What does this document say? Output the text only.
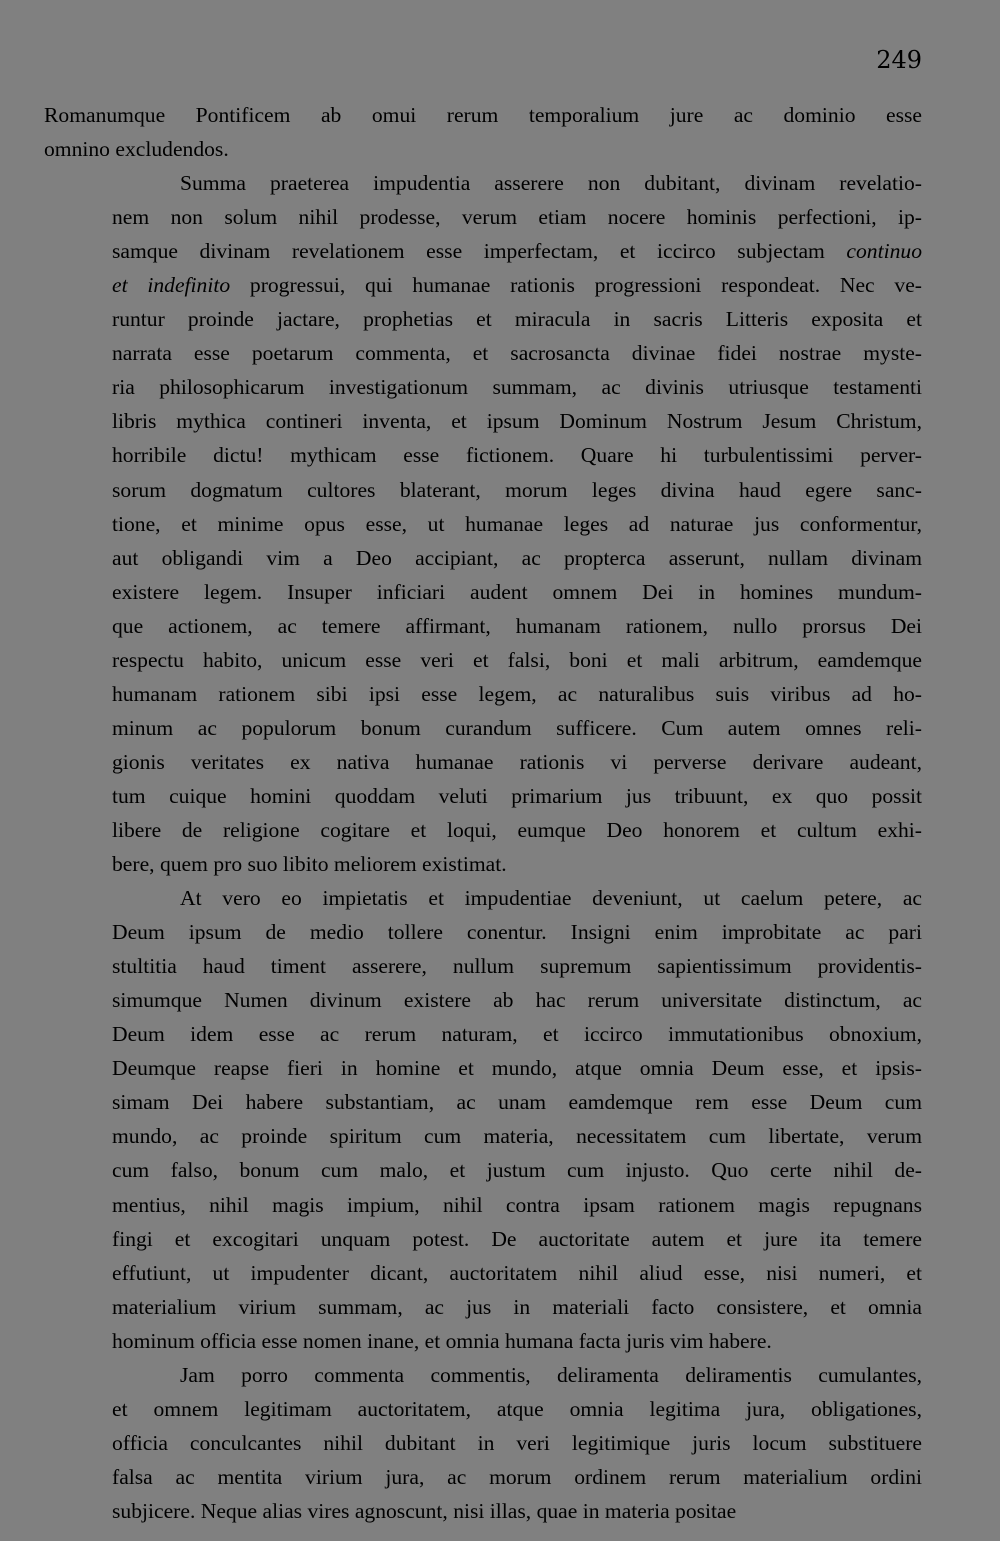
249
Romanumque Pontificem ab omui rerum temporalium jure ac dominio esse
omnino excludendos.
Summa praeterea impudentia asserere non dubitant, divinam revelatio-
nem non solum nihil prodesse, verum etiam nocere hominis perfectioni, ip-
samque divinam revelationem esse imperfectam, et iccirco subjectam continuo
et indefinito progressui, qui humanae rationis progressioni respondeat. Nec ve-
runtur proinde jactare, prophetias et miracula in sacris Litteris exposita et
narrata esse poetarum commenta, et sacrosancta divinae fidei nostrae myste-
ria philosophicarum investigationum summam, ac divinis utriusque testamenti
libris mythica contineri inventa, et ipsum Dominum Nostrum Jesum Christum,
horribile dictu! mythicam esse fictionem. Quare hi turbulentissimi perver-
sorum dogmatum cultores blaterant, morum leges divina haud egere sanc-
tione, et minime opus esse, ut humanae leges ad naturae jus conformentur,
aut obligandi vim a Deo accipiant, ac propterca asserunt, nullam divinam
existere legem. Insuper inficiari audent omnem Dei in homines mundum-
que actionem, ac temere affirmant, humanam rationem, nullo prorsus Dei
respectu habito, unicum esse veri et falsi, boni et mali arbitrum, eamdemque
humanam rationem sibi ipsi esse legem, ac naturalibus suis viribus ad ho-
minum ac populorum bonum curandum sufficere. Cum autem omnes reli-
gionis veritates ex nativa humanae rationis vi perverse derivare audeant,
tum cuique homini quoddam veluti primarium jus tribuunt, ex quo possit
libere de religione cogitare et loqui, eumque Deo honorem et cultum exhi-
bere, quem pro suo libito meliorem existimat.
At vero eo impietatis et impudentiae deveniunt, ut caelum petere, ac
Deum ipsum de medio tollere conentur. Insigni enim improbitate ac pari
stultitia haud timent asserere, nullum supremum sapientissimum providentis-
simumque Numen divinum existere ab hac rerum universitate distinctum, ac
Deum idem esse ac rerum naturam, et iccirco immutationibus obnoxium,
Deumque reapse fieri in homine et mundo, atque omnia Deum esse, et ipsis-
simam Dei habere substantiam, ac unam eamdemque rem esse Deum cum
mundo, ac proinde spiritum cum materia, necessitatem cum libertate, verum
cum falso, bonum cum malo, et justum cum injusto. Quo certe nihil de-
mentius, nihil magis impium, nihil contra ipsam rationem magis repugnans
fingi et excogitari unquam potest. De auctoritate autem et jure ita temere
effutiunt, ut impudenter dicant, auctoritatem nihil aliud esse, nisi numeri, et
materialium virium summam, ac jus in materiali facto consistere, et omnia
hominum officia esse nomen inane, et omnia humana facta juris vim habere.
Jam porro commenta commentis, deliramenta deliramentis cumulantes,
et omnem legitimam auctoritatem, atque omnia legitima jura, obligationes,
officia conculcantes nihil dubitant in veri legitimique juris locum substituere
falsa ac mentita virium jura, ac morum ordinem rerum materialium ordini
subjicere. Neque alias vires agnoscunt, nisi illas, quae in materia positae
